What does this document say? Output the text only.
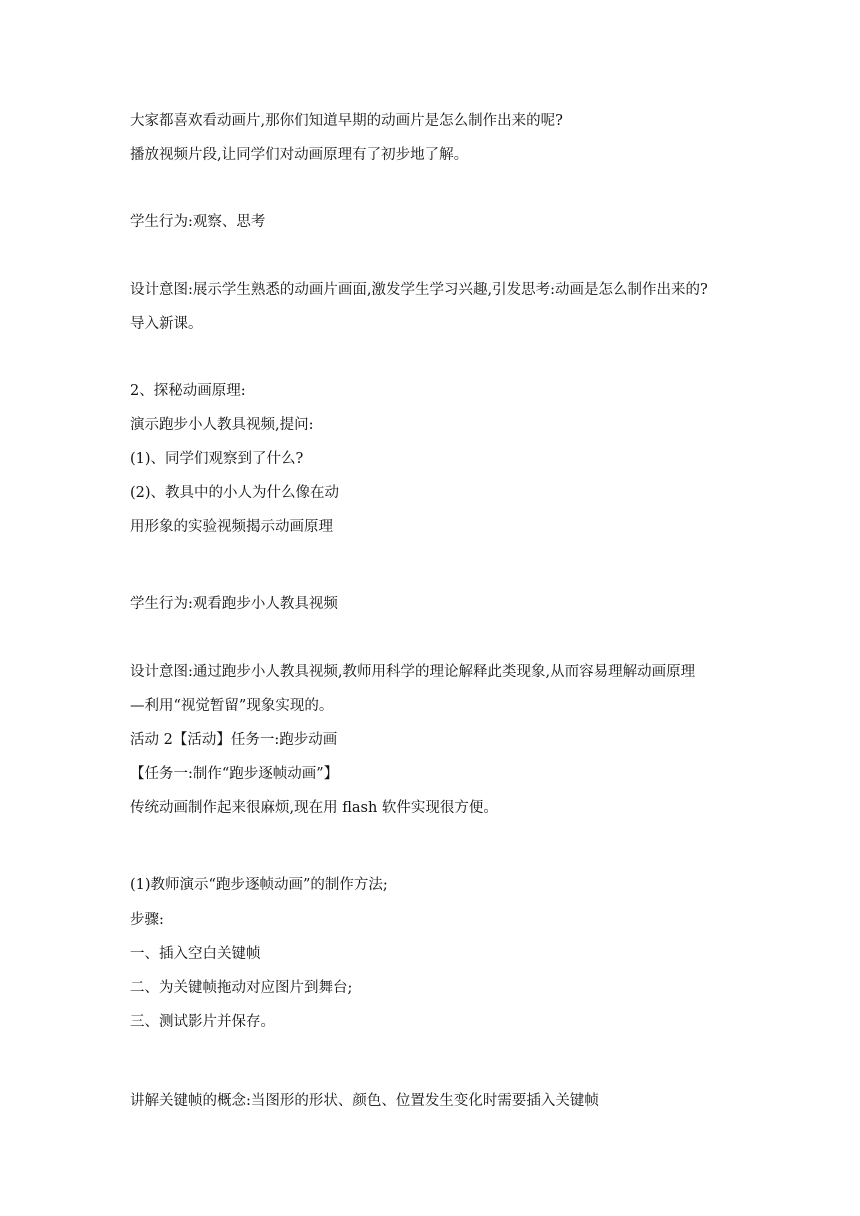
大家都喜欢看动画片,那你们知道早期的动画片是怎么制作出来的呢?

播放视频片段,让同学们对动画原理有了初步地了解。

学生行为:观察、思考

设计意图:展示学生熟悉的动画片画面,激发学生学习兴趣,引发思考:动画是怎么制作出来的?

导入新课。

2、探秘动画原理:

演示跑步小人教具视频,提问:

(1)、同学们观察到了什么?

(2)、教具中的小人为什么像在动

用形象的实验视频揭示动画原理

学生行为:观看跑步小人教具视频

设计意图:通过跑步小人教具视频,教师用科学的理论解释此类现象,从而容易理解动画原理

—利用“视觉暂留”现象实现的。

活动 2【活动】任务一:跑步动画

【任务一:制作“跑步逐帧动画”】

传统动画制作起来很麻烦,现在用 flash 软件实现很方便。

(1)教师演示“跑步逐帧动画”的制作方法;

步骤:

一、插入空白关键帧

二、为关键帧拖动对应图片到舞台;

三、测试影片并保存。

讲解关键帧的概念:当图形的形状、颜色、位置发生变化时需要插入关键帧
